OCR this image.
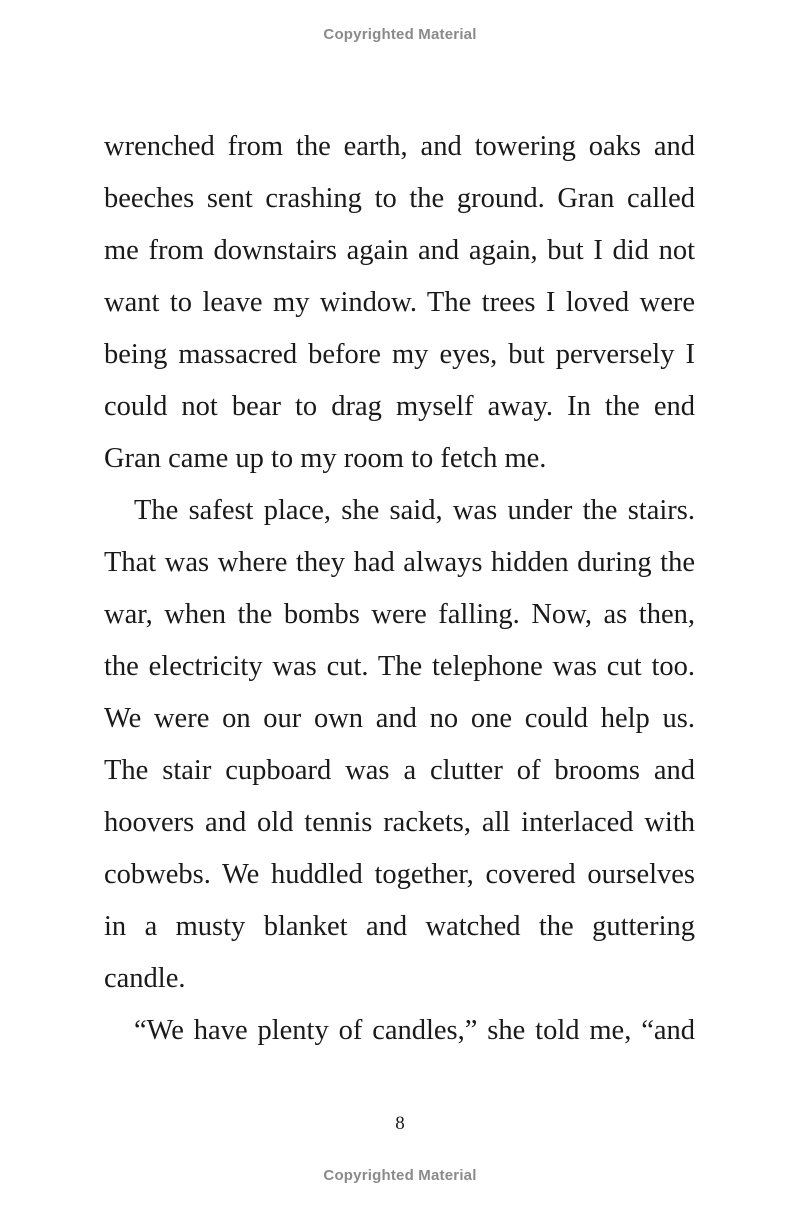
Copyrighted Material
wrenched from the earth, and towering oaks and
beeches sent crashing to the ground. Gran called
me from downstairs again and again, but I did not
want to leave my window. The trees I loved were
being massacred before my eyes, but perversely I
could not bear to drag myself away. In the end
Gran came up to my room to fetch me.
The safest place, she said, was under the stairs.
That was where they had always hidden during the
war, when the bombs were falling. Now, as then,
the electricity was cut. The telephone was cut too.
We were on our own and no one could help us.
The stair cupboard was a clutter of brooms and
hoovers and old tennis rackets, all interlaced with
cobwebs. We huddled together, covered ourselves
in a musty blanket and watched the guttering
candle.
“We have plenty of candles,” she told me, “and
8
Copyrighted Material
